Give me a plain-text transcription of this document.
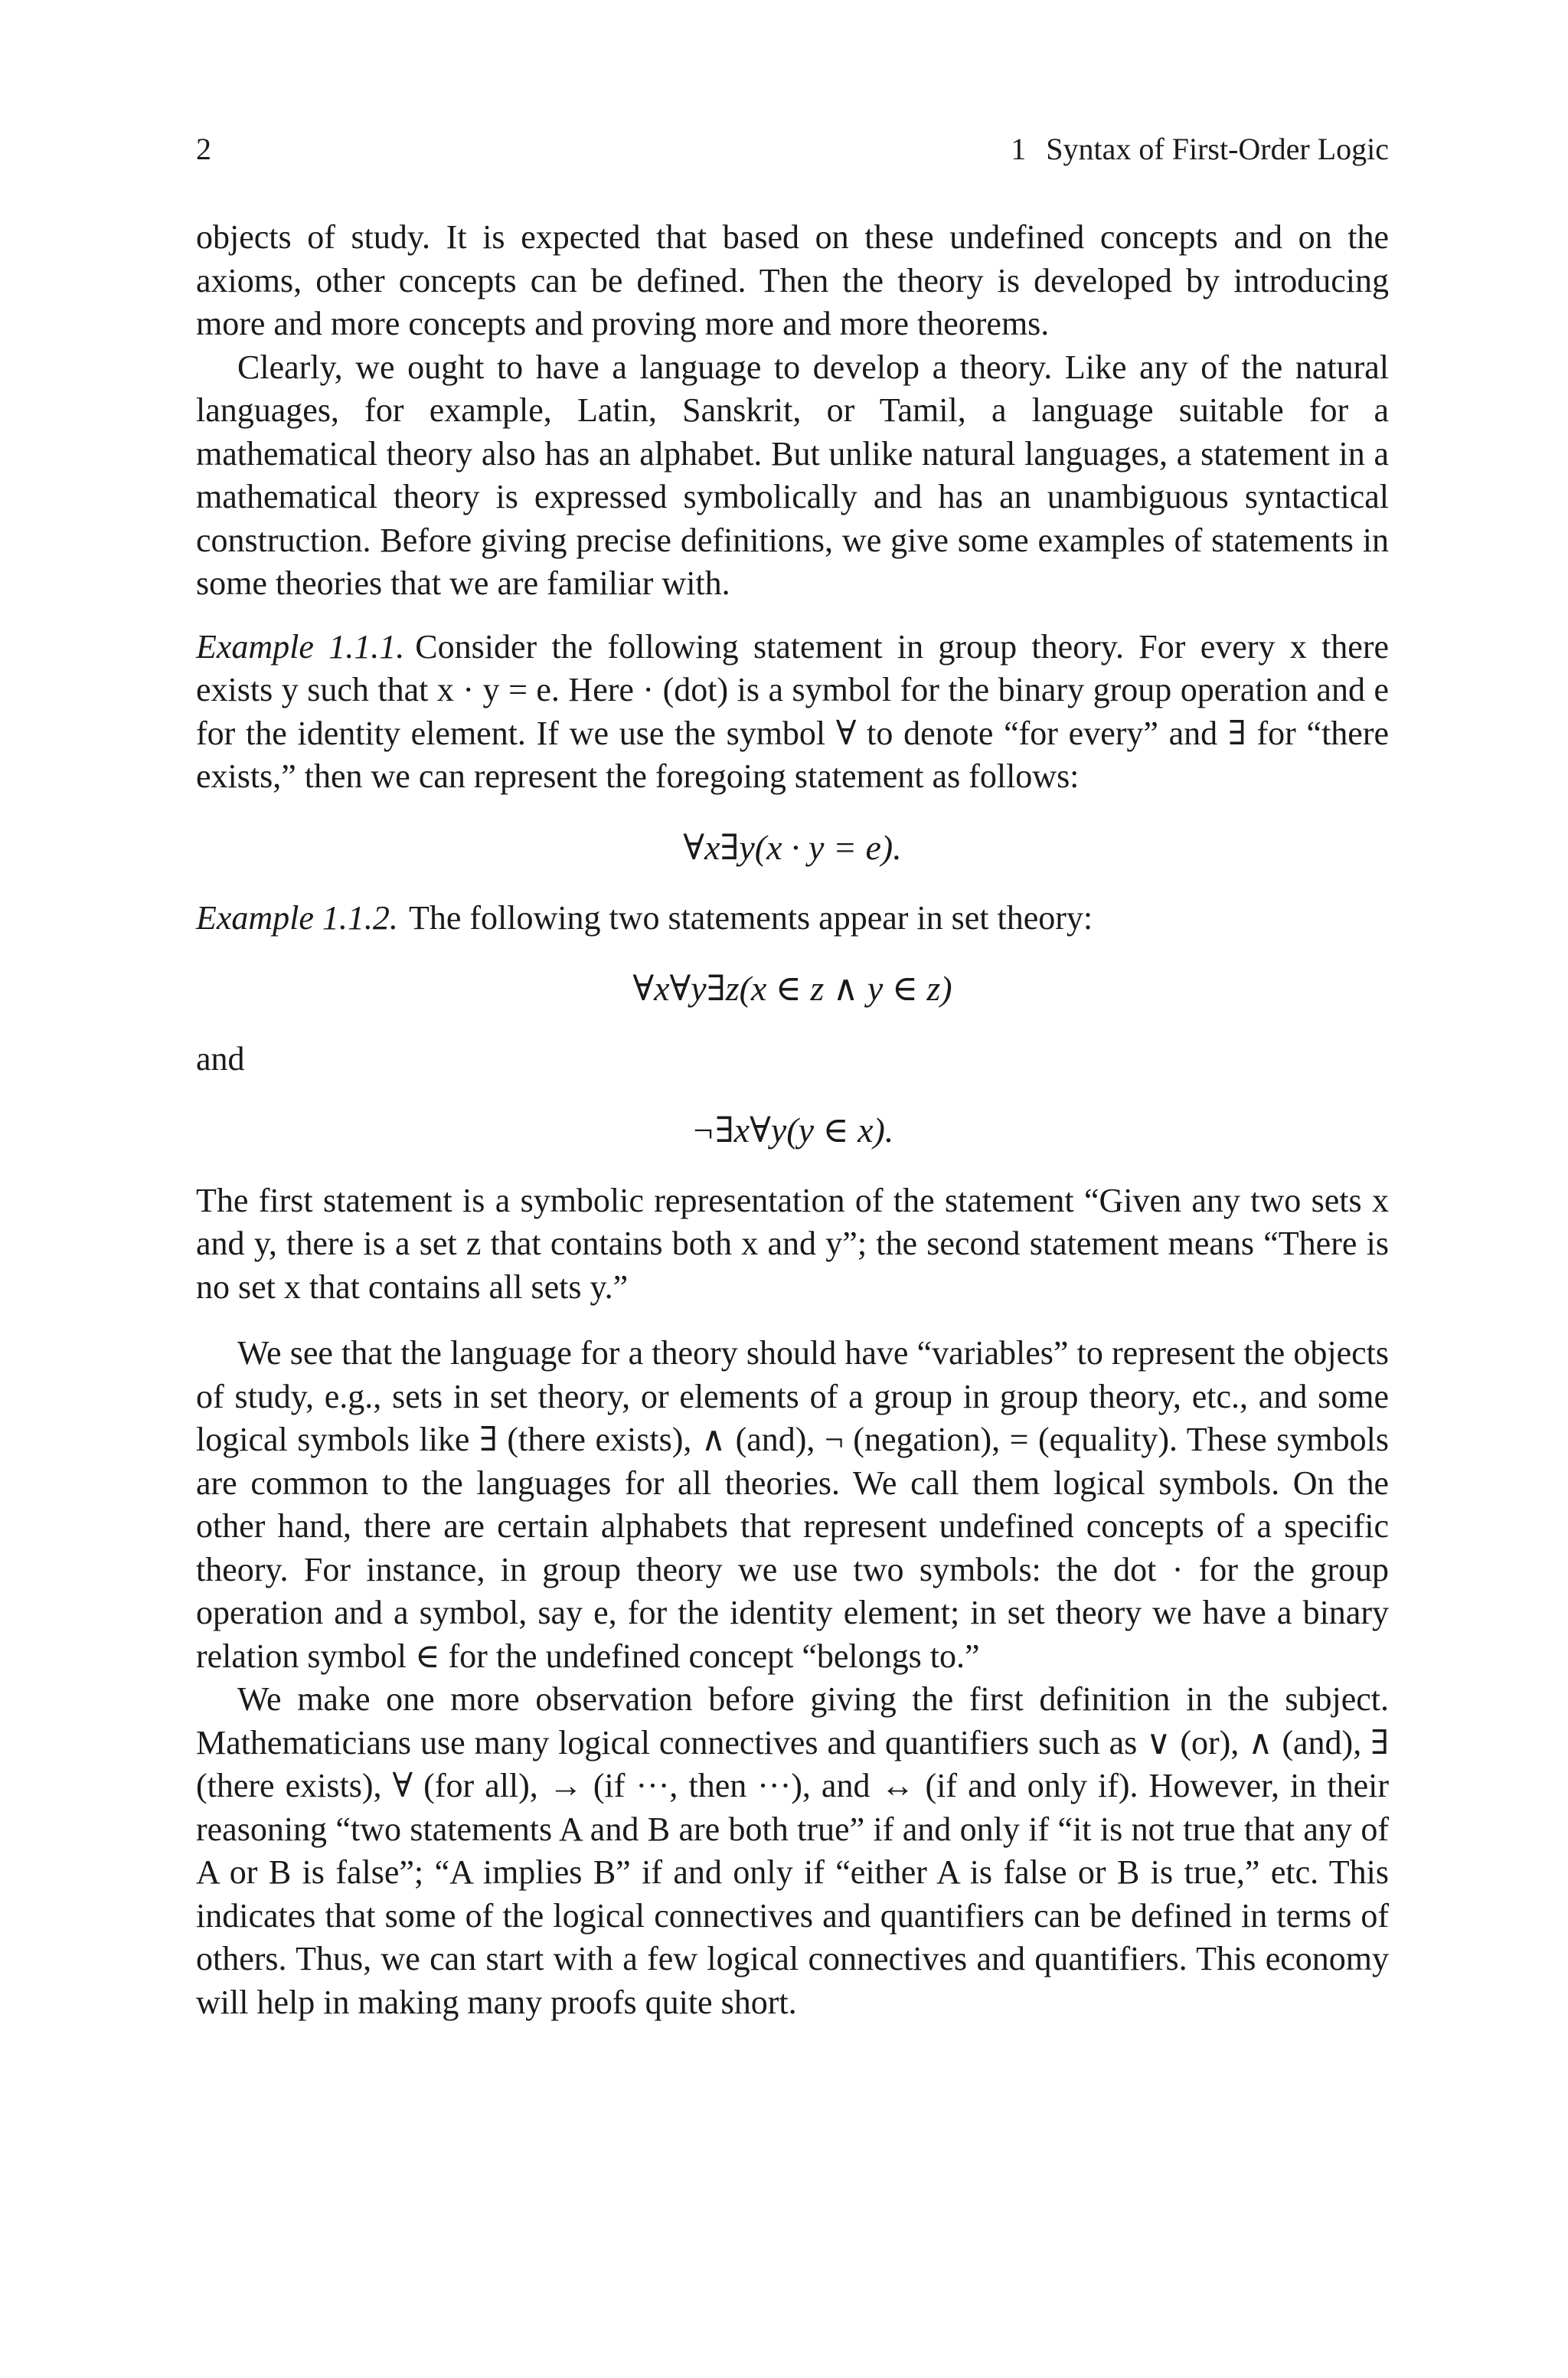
2	1 Syntax of First-Order Logic

objects of study. It is expected that based on these undefined concepts and on the axioms, other concepts can be defined. Then the theory is developed by introducing more and more concepts and proving more and more theorems.

Clearly, we ought to have a language to develop a theory. Like any of the natural languages, for example, Latin, Sanskrit, or Tamil, a language suitable for a mathematical theory also has an alphabet. But unlike natural languages, a statement in a mathematical theory is expressed symbolically and has an unambiguous syntactical construction. Before giving precise definitions, we give some examples of statements in some theories that we are familiar with.

Example 1.1.1. Consider the following statement in group theory. For every x there exists y such that x · y = e. Here · (dot) is a symbol for the binary group operation and e for the identity element. If we use the symbol ∀ to denote “for every” and ∃ for “there exists,” then we can represent the foregoing statement as follows:

∀x∃y(x · y = e).

Example 1.1.2. The following two statements appear in set theory:

∀x∀y∃z(x ∈ z ∧ y ∈ z)

and

¬∃x∀y(y ∈ x).

The first statement is a symbolic representation of the statement “Given any two sets x and y, there is a set z that contains both x and y”; the second statement means “There is no set x that contains all sets y.”

We see that the language for a theory should have “variables” to represent the objects of study, e.g., sets in set theory, or elements of a group in group theory, etc., and some logical symbols like ∃ (there exists), ∧ (and), ¬ (negation), = (equality). These symbols are common to the languages for all theories. We call them logical symbols. On the other hand, there are certain alphabets that represent undefined concepts of a specific theory. For instance, in group theory we use two symbols: the dot · for the group operation and a symbol, say e, for the identity element; in set theory we have a binary relation symbol ∈ for the undefined concept “belongs to.”

We make one more observation before giving the first definition in the subject. Mathematicians use many logical connectives and quantifiers such as ∨ (or), ∧ (and), ∃ (there exists), ∀ (for all), → (if ···, then ···), and ↔ (if and only if). However, in their reasoning “two statements A and B are both true” if and only if “it is not true that any of A or B is false”; “A implies B” if and only if “either A is false or B is true,” etc. This indicates that some of the logical connectives and quantifiers can be defined in terms of others. Thus, we can start with a few logical connectives and quantifiers. This economy will help in making many proofs quite short.
